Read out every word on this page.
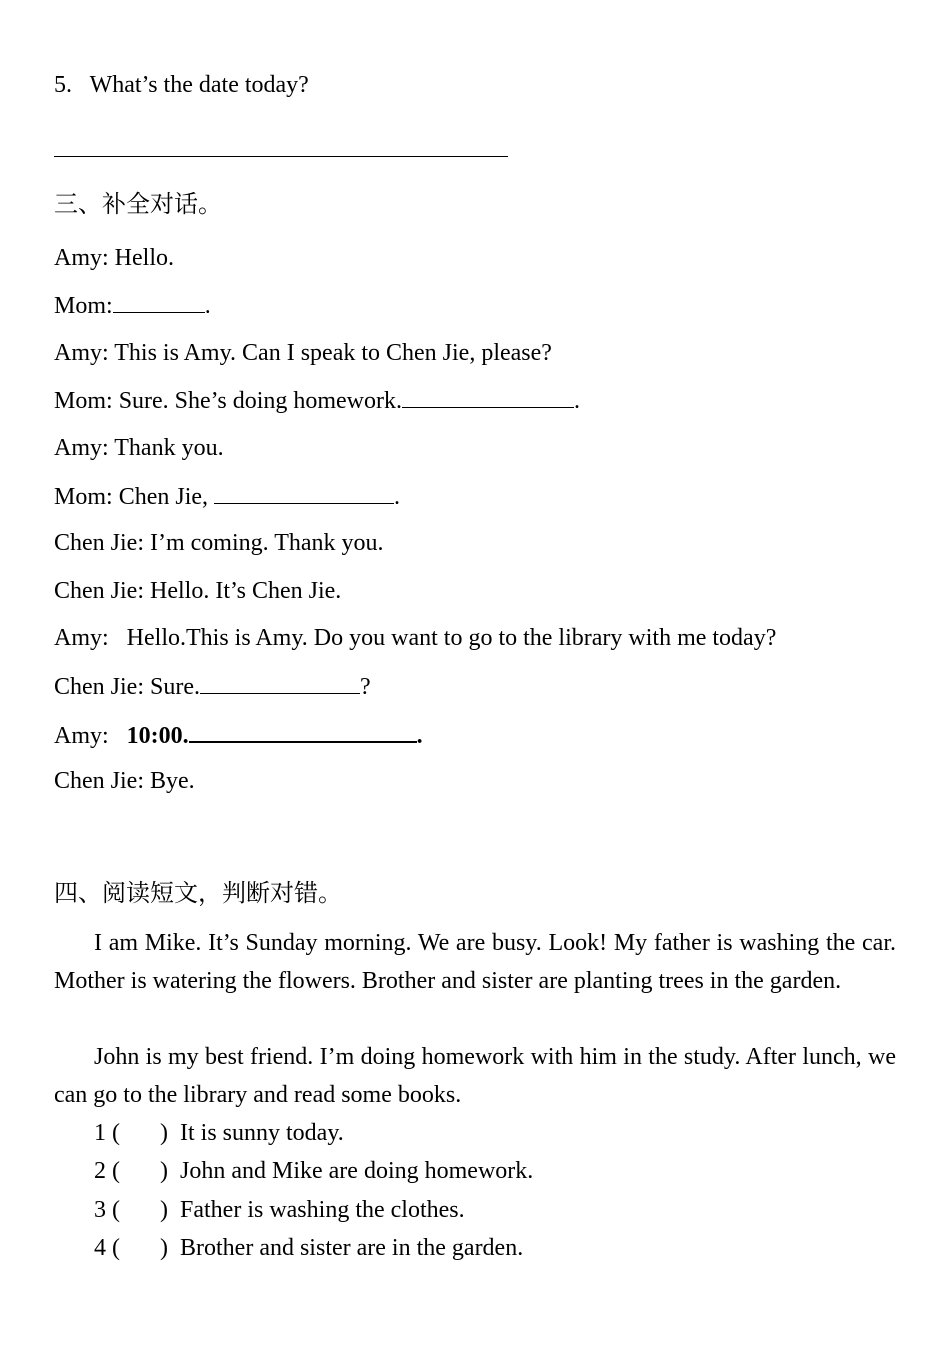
5. What’s the date today?
三、补全对话。
Amy: Hello.
Mom:	.
Amy: This is Amy. Can I speak to Chen Jie, please?
Mom: Sure. She’s doing homework.	.
Amy: Thank you.
Mom: Chen Jie,	.
Chen Jie: I’m coming. Thank you.
Chen Jie: Hello. It’s Chen Jie.
Amy: Hello.This is Amy. Do you want to go to the library with me today?
Chen Jie: Sure.	?
Amy: 10:00.	.
Chen Jie: Bye.
四、阅读短文，判断对错。
I am Mike. It’s Sunday morning. We are busy. Look! My father is washing the car. Mother is watering the flowers. Brother and sister are planting trees in the garden.
John is my best friend. I’m doing homework with him in the study. After lunch, we can go to the library and read some books.
1 ( ) It is sunny today.
2 ( ) John and Mike are doing homework.
3 ( ) Father is washing the clothes.
4 ( ) Brother and sister are in the garden.
